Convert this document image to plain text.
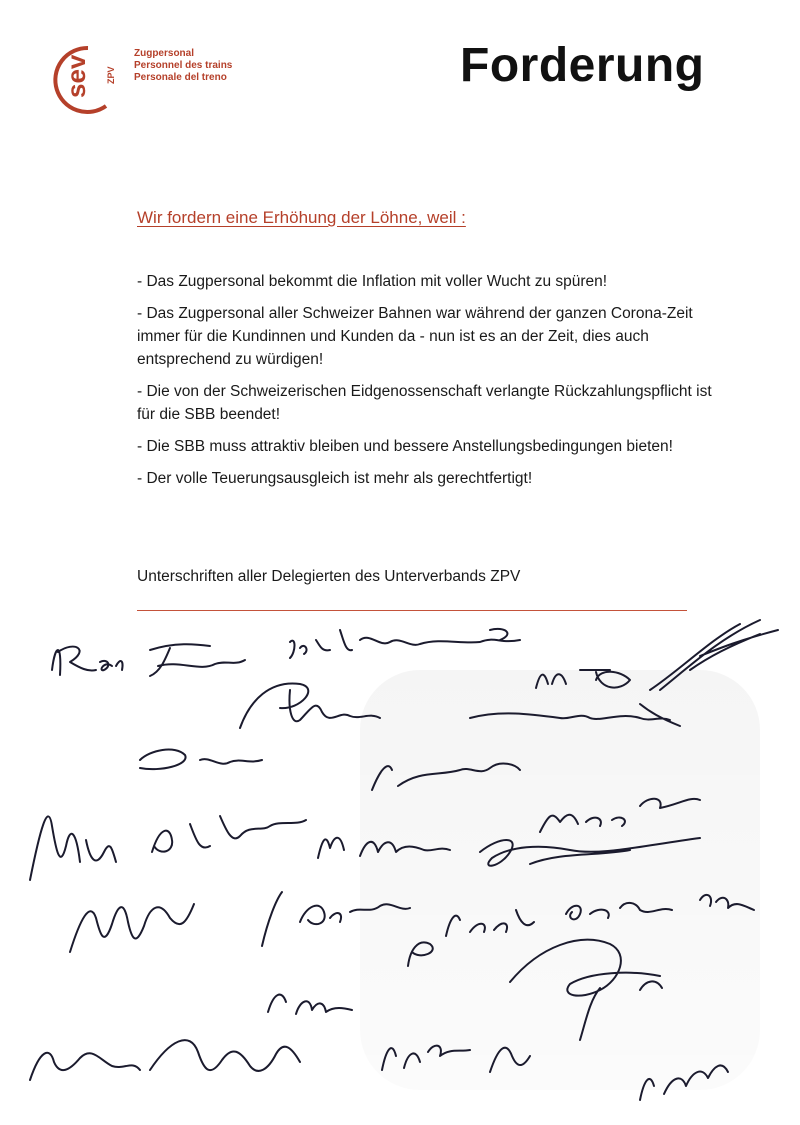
sev ZPV
Zugpersonal
Personnel des trains
Personale del treno	Forderung
Wir fordern eine Erhöhung der Löhne, weil :

- Das Zugpersonal bekommt die Inflation mit voller Wucht zu spüren!

- Das Zugpersonal aller Schweizer Bahnen war während der ganzen Corona-Zeit immer für die Kundinnen und Kunden da - nun ist es an der Zeit, dies auch entsprechend zu würdigen!

- Die von der Schweizerischen Eidgenossenschaft verlangte Rückzahlungspflicht ist für die SBB beendet!

- Die SBB muss attraktiv bleiben und bessere Anstellungsbedingungen bieten!

- Der volle Teuerungsausgleich ist mehr als gerechtfertigt!

Unterschriften aller Delegierten des Unterverbands ZPV
